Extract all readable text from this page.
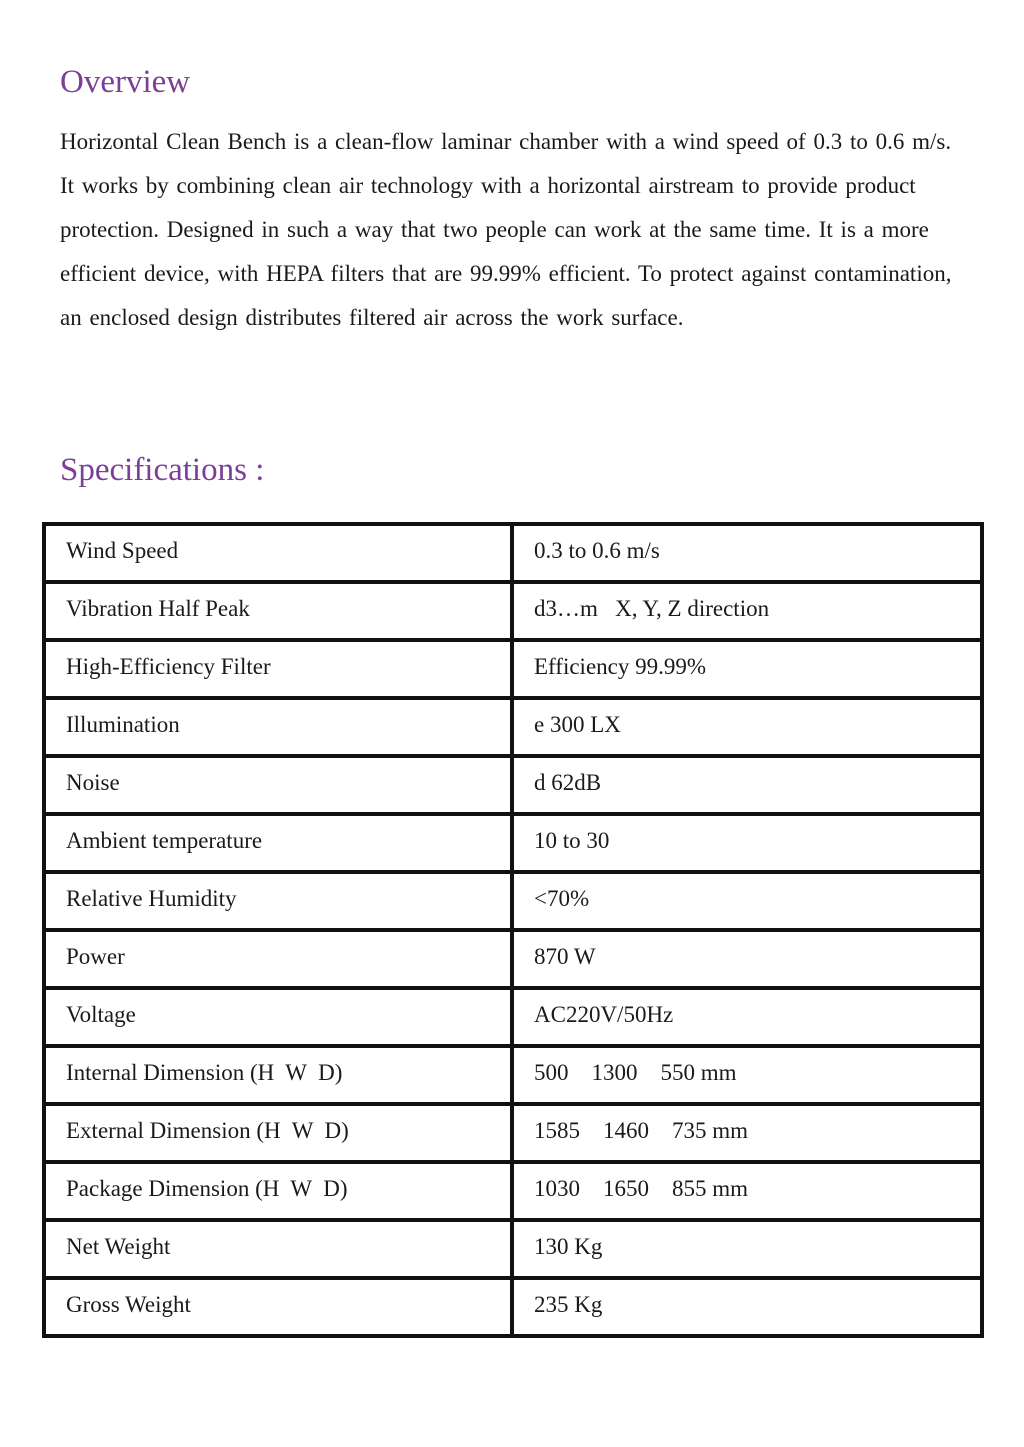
Overview

Horizontal Clean Bench is a clean-flow laminar chamber with a wind speed of 0.3 to 0.6 m/s. It works by combining clean air technology with a horizontal airstream to provide product protection. Designed in such a way that two people can work at the same time. It is a more efficient device, with HEPA filters that are 99.99% efficient. To protect against contamination, an enclosed design distributes filtered air across the work surface.

Specifications :
Wind Speed	0.3 to 0.6 m/s
Vibration Half Peak	d3…m   X, Y, Z direction
High-Efficiency Filter	Efficiency 99.99%
Illumination	e 300 LX
Noise	d 62dB
Ambient temperature	10 to 30
Relative Humidity	<70%
Power	870 W
Voltage	AC220V/50Hz
Internal Dimension (H  W  D)	500    1300    550 mm
External Dimension (H  W  D)	1585    1460    735 mm
Package Dimension (H  W  D)	1030    1650    855 mm
Net Weight	130 Kg
Gross Weight	235 Kg
